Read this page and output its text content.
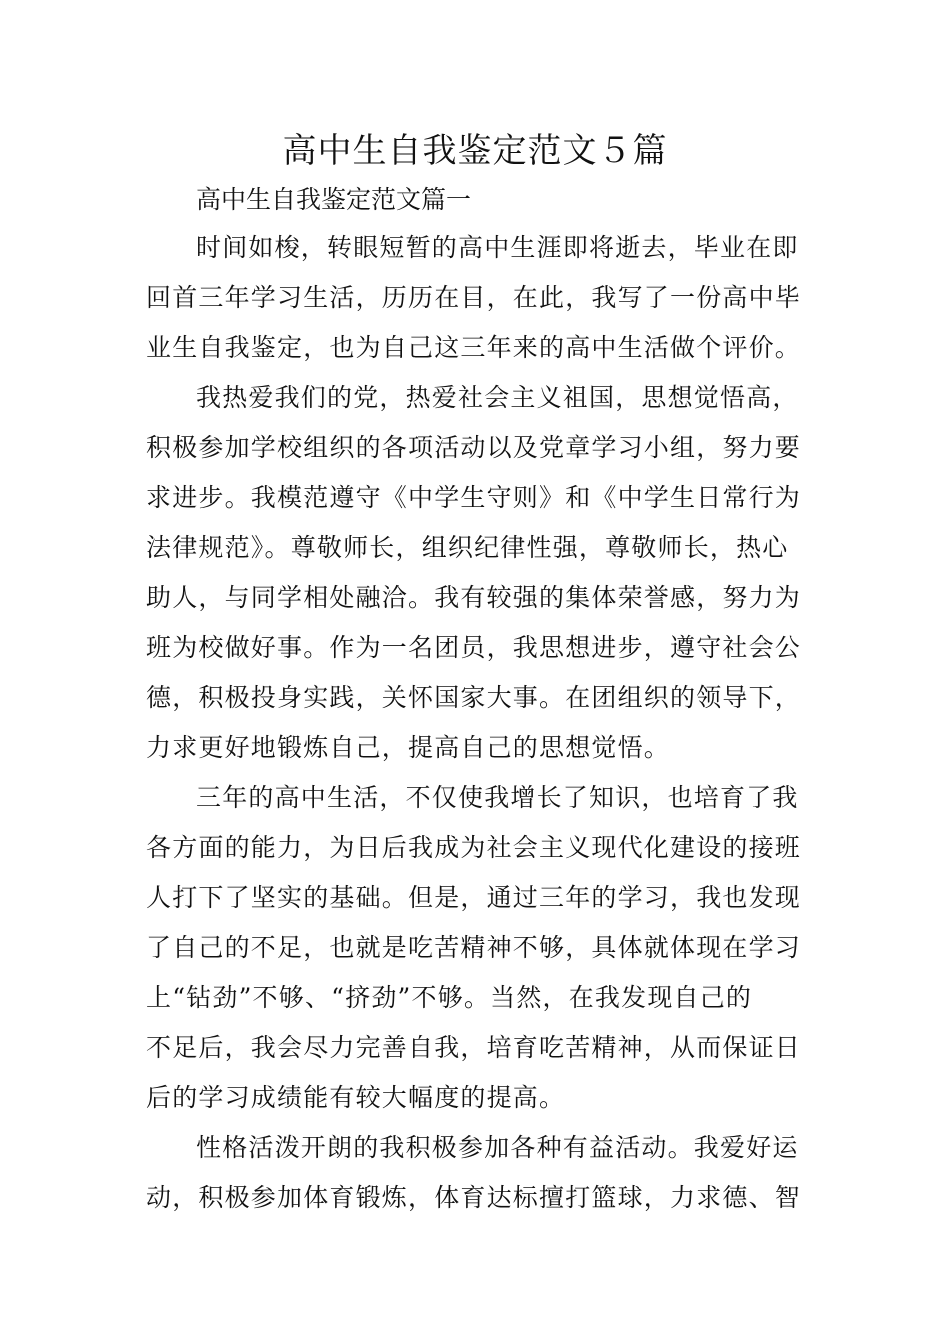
高中生自我鉴定范文５篇

高中生自我鉴定范文篇一

时间如梭，转眼短暂的高中生涯即将逝去，毕业在即

回首三年学习生活，历历在目，在此，我写了一份高中毕

业生自我鉴定，也为自己这三年来的高中生活做个评价。

我热爱我们的党，热爱社会主义祖国，思想觉悟高，

积极参加学校组织的各项活动以及党章学习小组，努力要

求进步。我模范遵守《中学生守则》和《中学生日常行为

法律规范》。尊敬师长，组织纪律性强，尊敬师长，热心

助人，与同学相处融洽。我有较强的集体荣誉感，努力为

班为校做好事。作为一名团员，我思想进步，遵守社会公

德，积极投身实践，关怀国家大事。在团组织的领导下，

力求更好地锻炼自己，提高自己的思想觉悟。

三年的高中生活，不仅使我增长了知识，也培育了我

各方面的能力，为日后我成为社会主义现代化建设的接班

人打下了坚实的基础。但是，通过三年的学习，我也发现

了自己的不足，也就是吃苦精神不够，具体就体现在学习

上“钻劲”不够、“挤劲”不够。当然，在我发现自己的

不足后，我会尽力完善自我，培育吃苦精神，从而保证日

后的学习成绩能有较大幅度的提高。

性格活泼开朗的我积极参加各种有益活动。我爱好运

动，积极参加体育锻炼，体育达标擅打篮球，力求德、智
